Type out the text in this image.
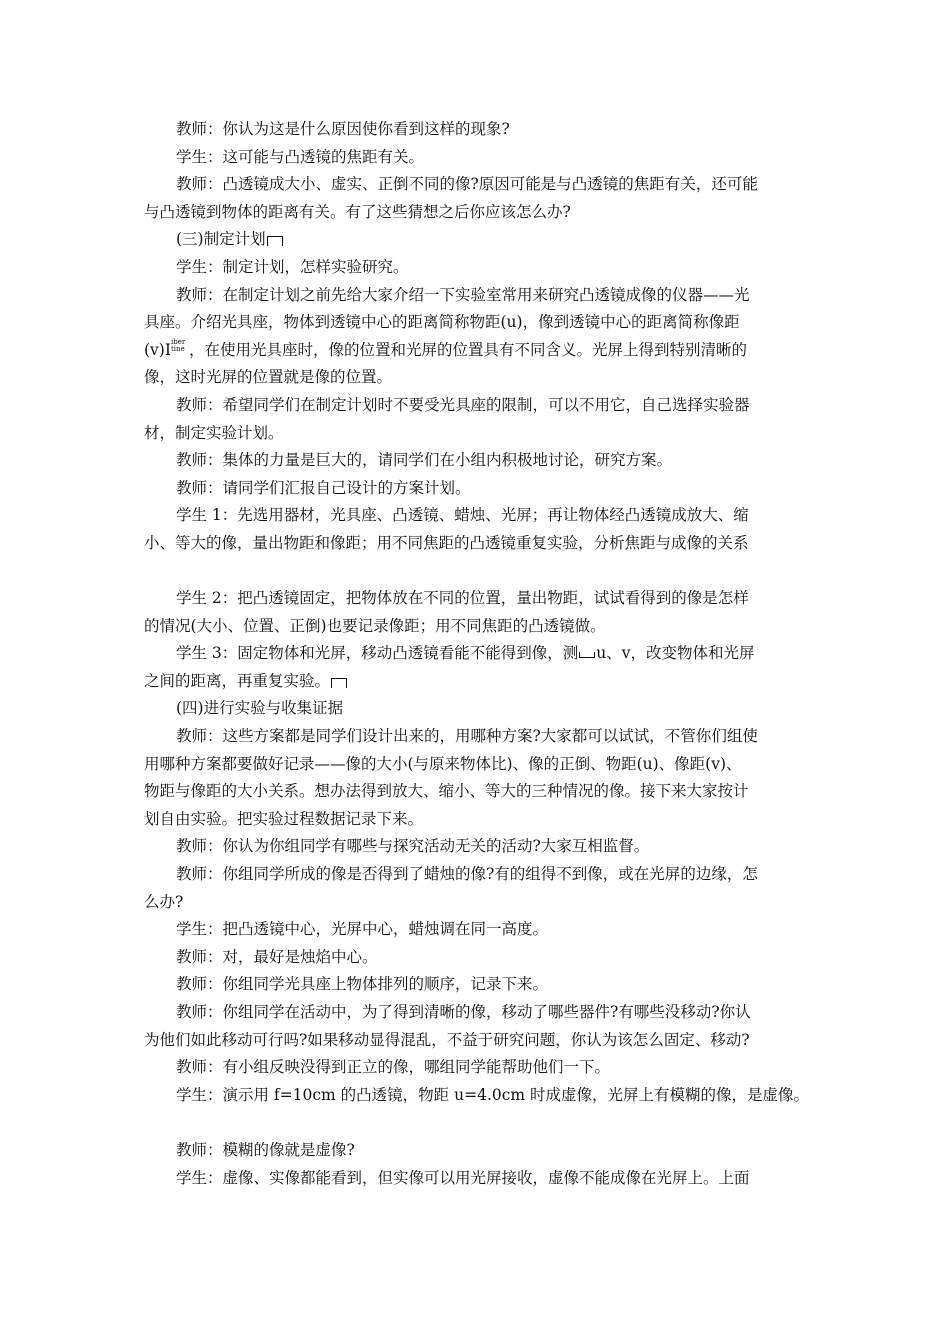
教师：你认为这是什么原因使你看到这样的现象?
学生：这可能与凸透镜的焦距有关。
教师：凸透镜成大小、虚实、正倒不同的像?原因可能是与凸透镜的焦距有关，还可能
与凸透镜到物体的距离有关。有了这些猜想之后你应该怎么办?
(三)制定计划
学生：制定计划，怎样实验研究。
教师：在制定计划之前先给大家介绍一下实验室常用来研究凸透镜成像的仪器——光
具座。介绍光具座，物体到透镜中心的距离简称物距(u)，像到透镜中心的距离简称像距
(v)I iber
tine ，在使用光具座时，像的位置和光屏的位置具有不同含义。光屏上得到特别清晰的
像，这时光屏的位置就是像的位置。
教师：希望同学们在制定计划时不要受光具座的限制，可以不用它，自己选择实验器
材，制定实验计划。
教师：集体的力量是巨大的，请同学们在小组内积极地讨论，研究方案。
教师：请同学们汇报自己设计的方案计划。
学生 1：先选用器材，光具座、凸透镜、蜡烛、光屏；再让物体经凸透镜成放大、缩
小、等大的像，量出物距和像距；用不同焦距的凸透镜重复实验，分析焦距与成像的关系
学生 2：把凸透镜固定，把物体放在不同的位置，量出物距，试试看得到的像是怎样
的情况(大小、位置、正倒)也要记录像距；用不同焦距的凸透镜做。
学生 3：固定物体和光屏，移动凸透镜看能不能得到像，测 u、v，改变物体和光屏
之间的距离，再重复实验。
(四)进行实验与收集证据
教师：这些方案都是同学们设计出来的，用哪种方案?大家都可以试试，不管你们组使
用哪种方案都要做好记录——像的大小(与原来物体比)、像的正倒、物距(u)、像距(v)、
物距与像距的大小关系。想办法得到放大、缩小、等大的三种情况的像。接下来大家按计
划自由实验。把实验过程数据记录下来。
教师：你认为你组同学有哪些与探究活动无关的活动?大家互相监督。
教师：你组同学所成的像是否得到了蜡烛的像?有的组得不到像，或在光屏的边缘，怎
么办?
学生：把凸透镜中心，光屏中心，蜡烛调在同一高度。
教师：对，最好是烛焰中心。
教师：你组同学光具座上物体排列的顺序，记录下来。
教师：你组同学在活动中，为了得到清晰的像，移动了哪些器件?有哪些没移动?你认
为他们如此移动可行吗?如果移动显得混乱，不益于研究问题，你认为该怎么固定、移动?
教师：有小组反映没得到正立的像，哪组同学能帮助他们一下。
学生：演示用 f=10cm 的凸透镜，物距 u=4.0cm 时成虚像，光屏上有模糊的像，是虚像。
教师：模糊的像就是虚像?
学生：虚像、实像都能看到，但实像可以用光屏接收，虚像不能成像在光屏上。上面
